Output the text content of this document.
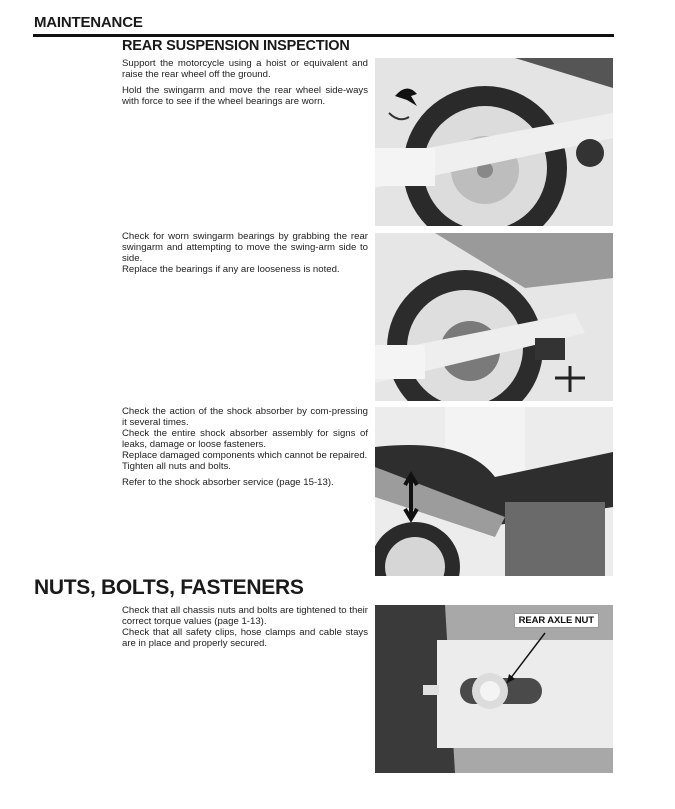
MAINTENANCE
REAR SUSPENSION INSPECTION

Support the motorcycle using a hoist or equivalent and raise the rear wheel off the ground.

Hold the swingarm and move the rear wheel side-ways with force to see if the wheel bearings are worn.

Check for worn swingarm bearings by grabbing the rear swingarm and attempting to move the swing-arm side to side.

Replace the bearings if any are looseness is noted.

Check the action of the shock absorber by com-pressing it several times.

Check the entire shock absorber assembly for signs of leaks, damage or loose fasteners.

Replace damaged components which cannot be repaired.

Tighten all nuts and bolts.

Refer to the shock absorber service (page 15-13).

NUTS, BOLTS, FASTENERS

Check that all chassis nuts and bolts are tightened to their correct torque values (page 1-13).

Check that all safety clips, hose clamps and cable stays are in place and properly secured.

REAR AXLE NUT
